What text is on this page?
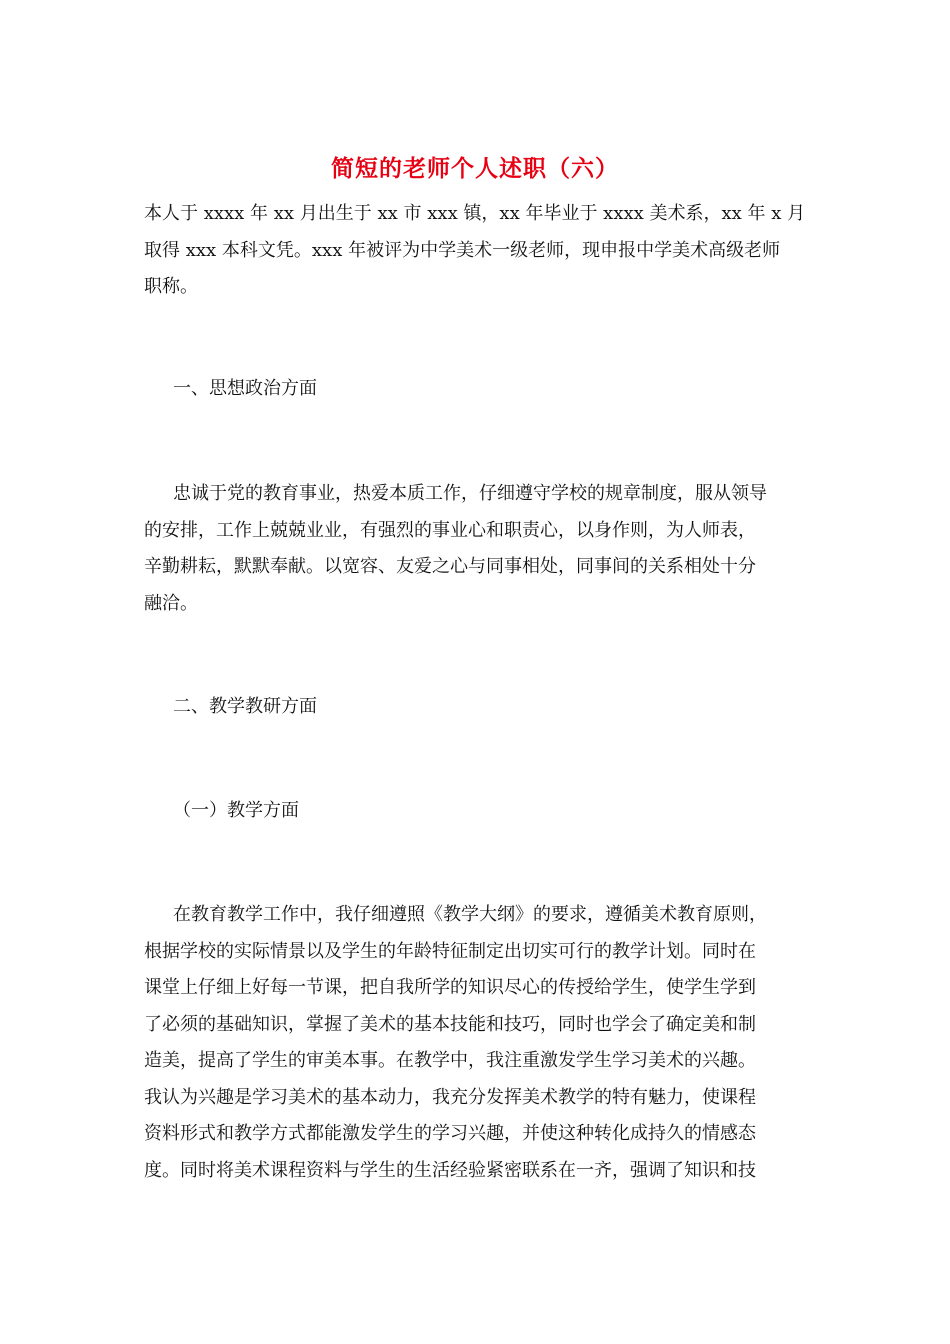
简短的老师个人述职（六）
本人于 xxxx 年 xx 月出生于 xx 市 xxx 镇，xx 年毕业于 xxxx 美术系，xx 年 x 月
取得 xxx 本科文凭。xxx 年被评为中学美术一级老师，现申报中学美术高级老师
职称。
一、思想政治方面
忠诚于党的教育事业，热爱本质工作，仔细遵守学校的规章制度，服从领导
的安排，工作上兢兢业业，有强烈的事业心和职责心，以身作则，为人师表，
辛勤耕耘，默默奉献。以宽容、友爱之心与同事相处，同事间的关系相处十分
融洽。
二、教学教研方面
（一）教学方面
在教育教学工作中，我仔细遵照《教学大纲》的要求，遵循美术教育原则，
根据学校的实际情景以及学生的年龄特征制定出切实可行的教学计划。同时在
课堂上仔细上好每一节课，把自我所学的知识尽心的传授给学生，使学生学到
了必须的基础知识，掌握了美术的基本技能和技巧，同时也学会了确定美和制
造美，提高了学生的审美本事。在教学中，我注重激发学生学习美术的兴趣。
我认为兴趣是学习美术的基本动力，我充分发挥美术教学的特有魅力，使课程
资料形式和教学方式都能激发学生的学习兴趣，并使这种转化成持久的情感态
度。同时将美术课程资料与学生的生活经验紧密联系在一齐，强调了知识和技
